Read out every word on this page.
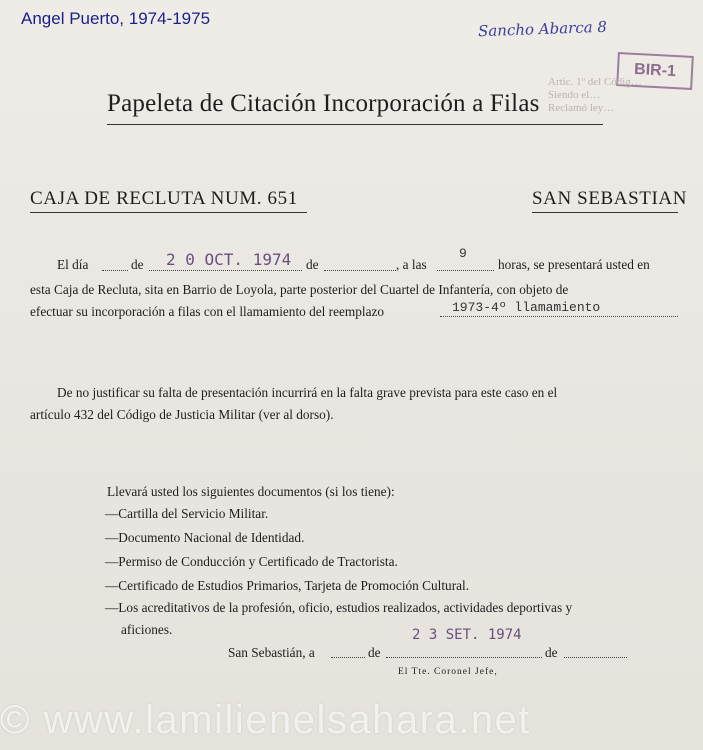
Angel Puerto, 1974-1975	Sancho Abarca 8
BIR-1
Artic. 1º del Códig…
Siendo el…
Reclamó ley…
Papeleta de Citación Incorporación a Filas
CAJA DE RECLUTA NUM. 651	SAN SEBASTIAN
El día	de 2 0 OCT. 1974 de	, a las
9
horas, se presentará usted en
esta Caja de Recluta, sita en Barrio de Loyola, parte posterior del Cuartel de Infantería, con objeto de
efectuar su incorporación a filas con el llamamiento del reemplazo	1973-4º llamamiento
De no justificar su falta de presentación incurrirá en la falta grave prevista para este caso en el
artículo 432 del Código de Justicia Militar (ver al dorso).
Llevará usted los siguientes documentos (si los tiene):
—Cartilla del Servicio Militar.
—Documento Nacional de Identidad.
—Permiso de Conducción y Certificado de Tractorista.
—Certificado de Estudios Primarios, Tarjeta de Promoción Cultural.
—Los acreditativos de la profesión, oficio, estudios realizados, actividades deportivas y
aficiones.
San Sebastián, a	de
2 3 SET. 1974
de
El Tte. Coronel Jefe,
© www.lamilienelsahara.net
